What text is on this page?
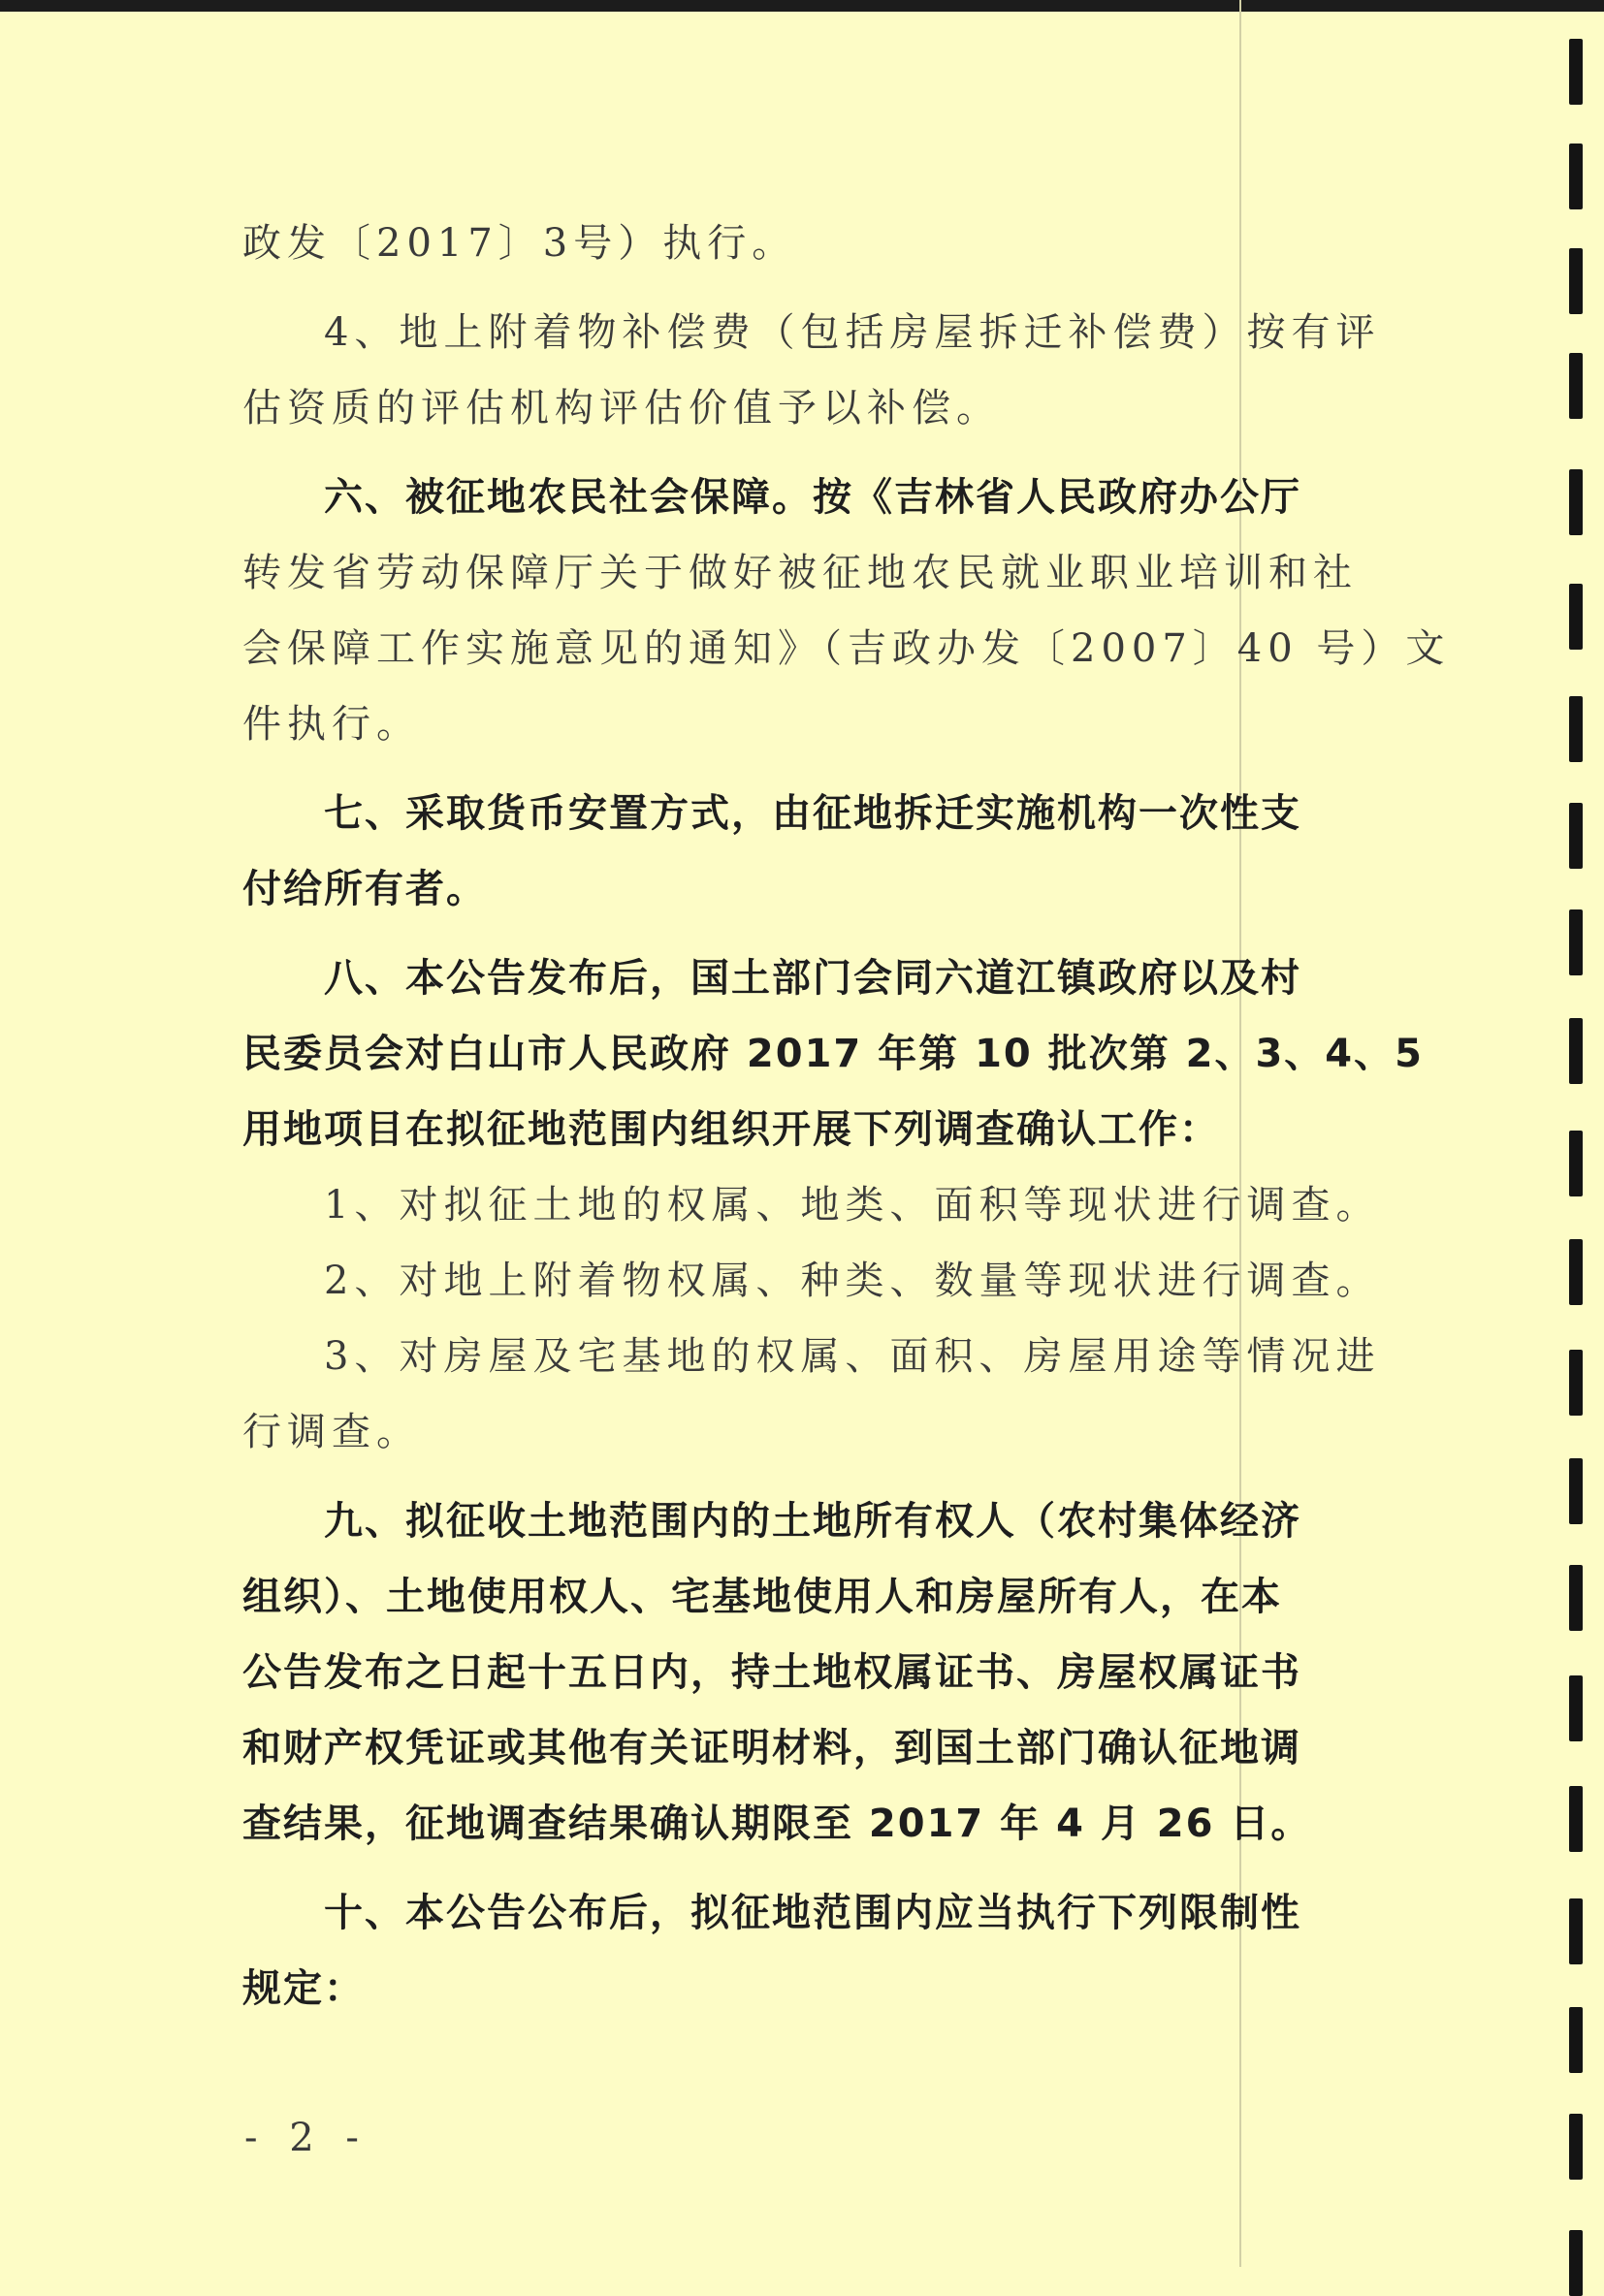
政发〔2017〕3号）执行。
4、地上附着物补偿费（包括房屋拆迁补偿费）按有评
估资质的评估机构评估价值予以补偿。
六、被征地农民社会保障。按《吉林省人民政府办公厅
转发省劳动保障厅关于做好被征地农民就业职业培训和社
会保障工作实施意见的通知》（吉政办发〔2007〕40 号）文
件执行。
七、采取货币安置方式，由征地拆迁实施机构一次性支
付给所有者。
八、本公告发布后，国土部门会同六道江镇政府以及村
民委员会对白山市人民政府 2017 年第 10 批次第 2、3、4、5
用地项目在拟征地范围内组织开展下列调查确认工作：
1、对拟征土地的权属、地类、面积等现状进行调查。
2、对地上附着物权属、种类、数量等现状进行调查。
3、对房屋及宅基地的权属、面积、房屋用途等情况进
行调查。
九、拟征收土地范围内的土地所有权人（农村集体经济
组织）、土地使用权人、宅基地使用人和房屋所有人，在本
公告发布之日起十五日内，持土地权属证书、房屋权属证书
和财产权凭证或其他有关证明材料，到国土部门确认征地调
查结果，征地调查结果确认期限至 2017 年 4 月 26 日。
十、本公告公布后，拟征地范围内应当执行下列限制性
规定：
- 2 -
